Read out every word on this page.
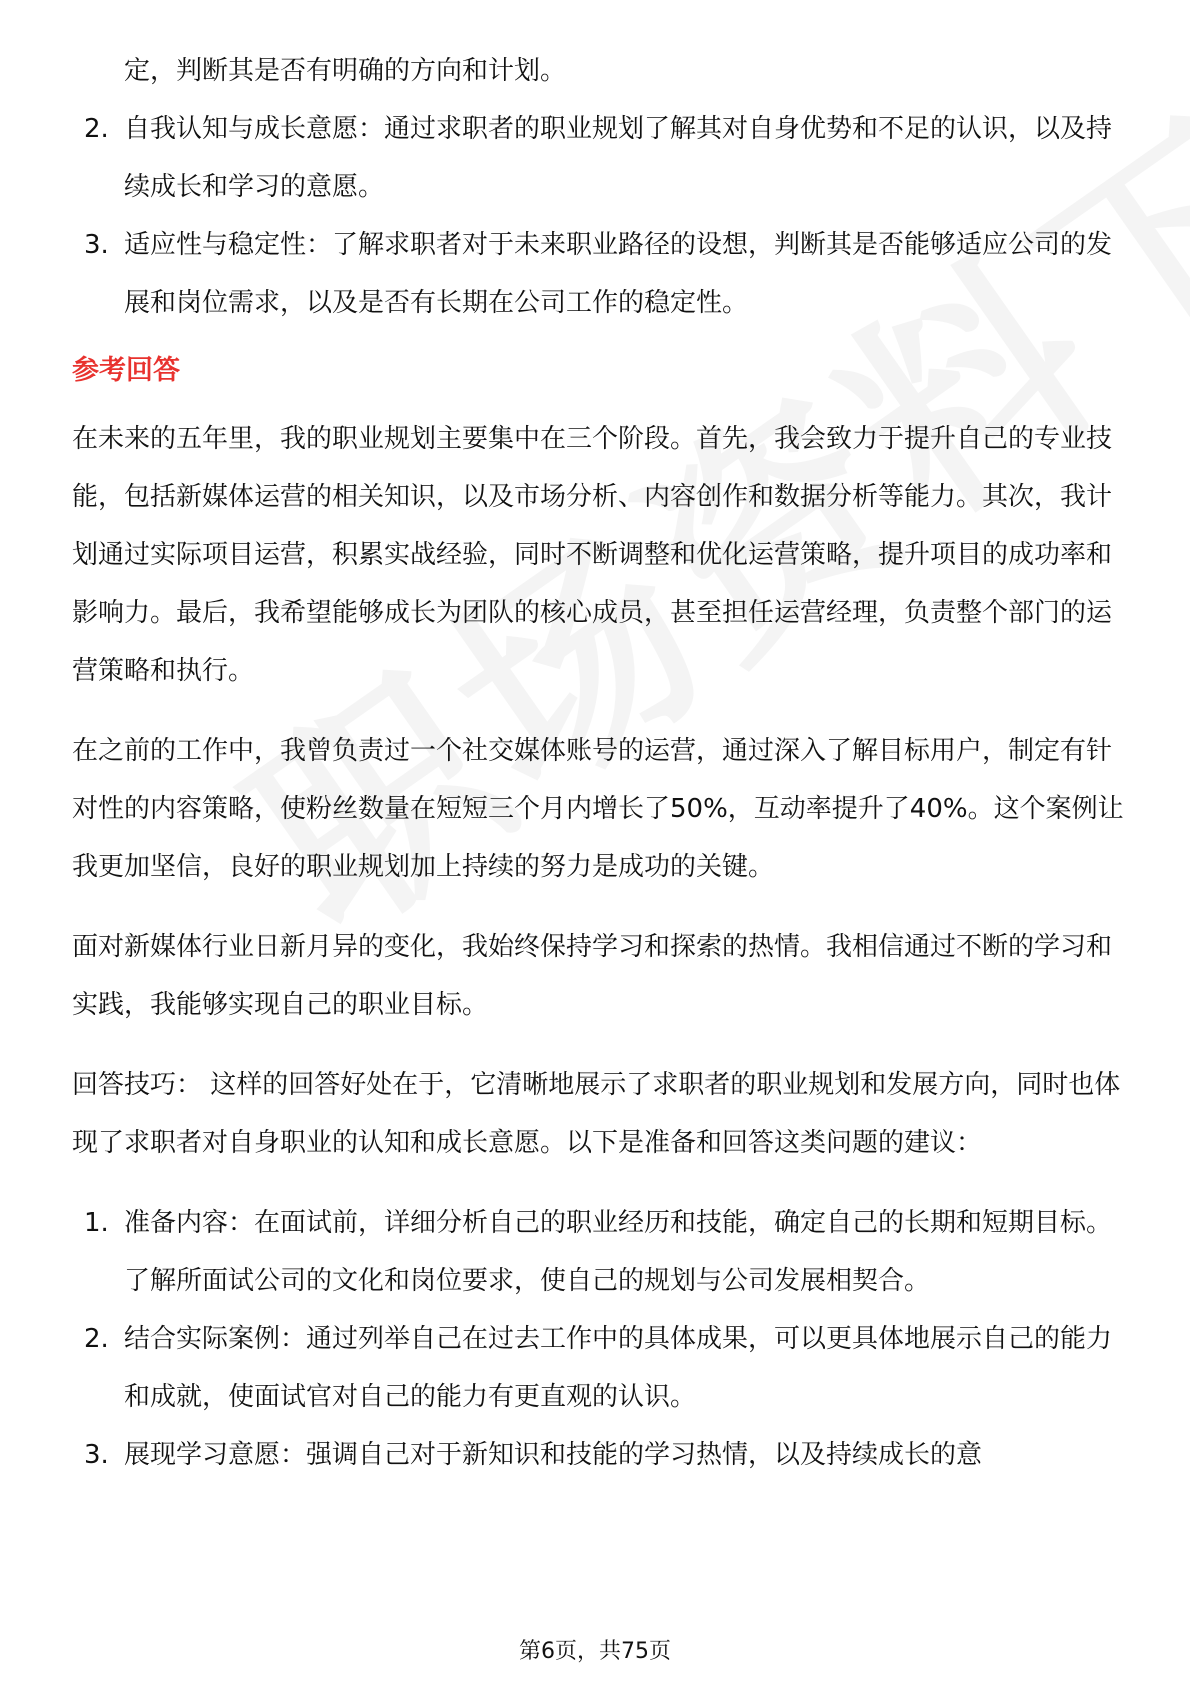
定，判断其是否有明确的方向和计划。

2. 自我认知与成长意愿：通过求职者的职业规划了解其对自身优势和不足的认识，以及持续成长和学习的意愿。
3. 适应性与稳定性：了解求职者对于未来职业路径的设想，判断其是否能够适应公司的发展和岗位需求，以及是否有长期在公司工作的稳定性。
参考回答

在未来的五年里，我的职业规划主要集中在三个阶段。首先，我会致力于提升自己的专业技能，包括新媒体运营的相关知识，以及市场分析、内容创作和数据分析等能力。其次，我计划通过实际项目运营，积累实战经验，同时不断调整和优化运营策略，提升项目的成功率和影响力。最后，我希望能够成长为团队的核心成员，甚至担任运营经理，负责整个部门的运营策略和执行。

在之前的工作中，我曾负责过一个社交媒体账号的运营，通过深入了解目标用户，制定有针对性的内容策略，使粉丝数量在短短三个月内增长了50%，互动率提升了40%。这个案例让我更加坚信，良好的职业规划加上持续的努力是成功的关键。

面对新媒体行业日新月异的变化，我始终保持学习和探索的热情。我相信通过不断的学习和实践，我能够实现自己的职业目标。

回答技巧： 这样的回答好处在于，它清晰地展示了求职者的职业规划和发展方向，同时也体现了求职者对自身职业的认知和成长意愿。以下是准备和回答这类问题的建议：

1. 准备内容：在面试前，详细分析自己的职业经历和技能，确定自己的长期和短期目标。了解所面试公司的文化和岗位要求，使自己的规划与公司发展相契合。
2. 结合实际案例：通过列举自己在过去工作中的具体成果，可以更具体地展示自己的能力和成就，使面试官对自己的能力有更直观的认识。
3. 展现学习意愿：强调自己对于新知识和技能的学习热情，以及持续成长的意
第6页，共75页
